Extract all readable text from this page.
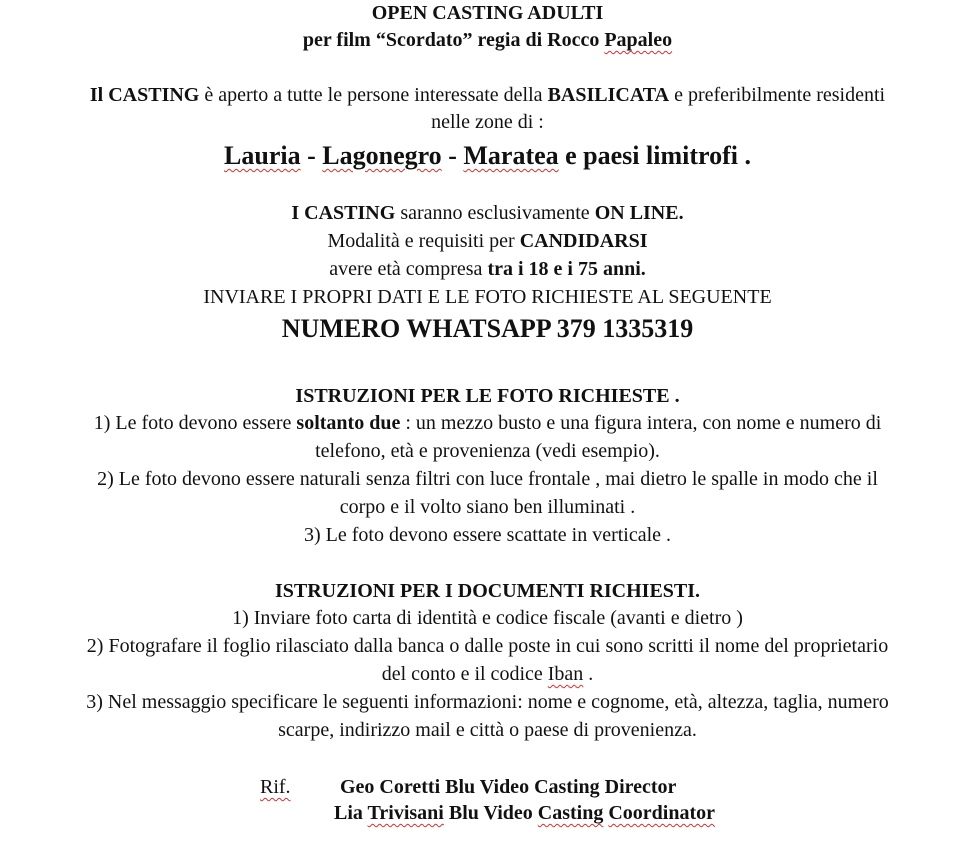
OPEN CASTING ADULTI
per film “Scordato” regia di Rocco Papaleo
Il CASTING è aperto a tutte le persone interessate della BASILICATA e preferibilmente residenti
nelle zone di :
Lauria - Lagonegro - Maratea e paesi limitrofi .
I CASTING saranno esclusivamente ON LINE.
Modalità e requisiti per CANDIDARSI
avere età compresa tra i 18 e i 75 anni.
INVIARE I PROPRI DATI E LE FOTO RICHIESTE AL SEGUENTE
NUMERO WHATSAPP 379 1335319
ISTRUZIONI PER LE FOTO RICHIESTE .
1) Le foto devono essere soltanto due : un mezzo busto e una figura intera, con nome e numero di
telefono, età e provenienza (vedi esempio).
2) Le foto devono essere naturali senza filtri con luce frontale , mai dietro le spalle in modo che il
corpo e il volto siano ben illuminati .
3) Le foto devono essere scattate in verticale .
ISTRUZIONI PER I DOCUMENTI RICHIESTI.
1) Inviare foto carta di identità e codice fiscale (avanti e dietro )
2) Fotografare il foglio rilasciato dalla banca o dalle poste in cui sono scritti il nome del proprietario
del conto e il codice Iban .
3) Nel messaggio specificare le seguenti informazioni: nome e cognome, età, altezza, taglia, numero
scarpe, indirizzo mail e città o paese di provenienza.
Rif. Geo Coretti Blu Video Casting Director
Lia Trivisani Blu Video Casting Coordinator
